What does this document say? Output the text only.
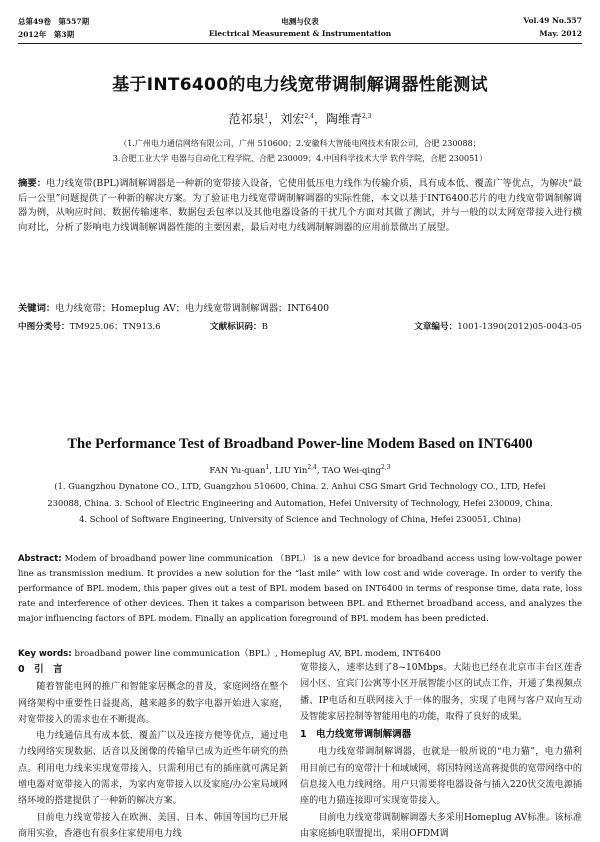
总第49卷　第557期	电测与仪表	Vol.49 No.557
2012年　第3期	Electrical Measurement & Instrumentation	May. 2012
基于INT6400的电力线宽带调制解调器性能测试
范祁泉$^1$，刘宏$^{2,4}$，陶维青$^{2,3}$
（1.广州电力通信网络有限公司，广州 510600；2.安徽科大智能电网技术有限公司，合肥 230088；
3.合肥工业大学 电器与自动化工程学院，合肥 230009；4.中国科学技术大学 软件学院，合肥 230051）
摘要：电力线宽带(BPL)调制解调器是一种新的宽带接入设备，它使用低压电力线作为传输介质，具有成本低、覆盖广等优点，为解决“最后一公里”问题提供了一种新的解决方案。为了验证电力线宽带调制解调器的实际性能，本文以基于INT6400芯片的电力线宽带调制解调器为例，从响应时间、数据传输速率、数据包丢包率以及其他电器设备的干扰几个方面对其做了测试，并与一般的以太网宽带接入进行横向对比，分析了影响电力线调制解调器性能的主要因素，最后对电力线调制解调器的应用前景做出了展望。
关键词：电力线宽带；Homeplug AV；电力线宽带调制解调器；INT6400
中图分类号：TM925.06；TN913.6	文献标识码：B	文章编号：1001-1390(2012)05-0043-05
The Performance Test of Broadband Power-line Modem Based on INT6400
FAN Yu-quan$^1$, LIU Yin$^{2,4}$, TAO Wei-qing$^{2,3}$
(1. Guangzhou Dynatone CO., LTD, Guangzhou 510600, China. 2. Anhui CSG Smart Grid Technology CO., LTD, Hefei
230088, China. 3. School of Electric Engineering and Automation, Hefei University of Technology, Hefei 230009, China.
4. School of Software Engineering, University of Science and Technology of China, Hefei 230051, China)
Abstract: Modem of broadband power line communication （BPL） is a new device for broadband access using low-voltage power line as transmission medium. It provides a new solution for the “last mile” with low cost and wide coverage. In order to verify the performance of BPL modem, this paper gives out a test of BPL modem based on INT6400 in terms of response time, data rate, loss rate and interference of other devices. Then it takes a comparison between BPL and Ethernet broadband access, and analyzes the major influencing factors of BPL modem. Finally an application foreground of BPL modem has been predicted.
Key words: broadband power line communication（BPL）, Homeplug AV, BPL modem, INT6400
0　 引　言

随着智能电网的推广和智能家居概念的普及，家庭网络在整个网络架构中重要性日益提高，越来越多的数字电器开始进入家庭，对宽带接入的需求也在不断提高。

电力线通信具有成本低、覆盖广以及连接方便等优点，通过电力线网络实现数据、话音以及图像的传输早已成为近些年研究的热点。利用电力线来实现宽带接入，只需利用已有的插座就可满足新增电器对宽带接入的需求，为家内宽带接入以及家庭/办公室局域网络环境的搭建提供了一种新的解决方案。

目前电力线宽带接入在欧洲、美国、日本、韩国等国均已开展商用实验，香港也有很多住家使用电力线

宽带接入，速率达到了8~10Mbps。大陆也已经在北京市丰台区莲香园小区、宜宾门公寓等小区开展智能小区的试点工作，开通了集视频点播、IP电话和互联网接入于一体的服务，实现了电网与客户双向互动及智能家居控制等智能用电的功能，取得了良好的成果。

1　 电力线宽带调制解调器

电力线宽带调制解调器，也就是一般所说的“电力猫”，电力猫利用目前已有的宽带汁十和域域网，将因特网送高蒋提供的宽带网络中的信息接入电力线网络。用户只需要将电器设备与插入220伏交流电源插座的电力猫连接即可实现宽带接入。

目前电力线宽带调制解调器大多采用Homeplug AV标准。该标准由家庭插电联盟提出，采用OFDM调
